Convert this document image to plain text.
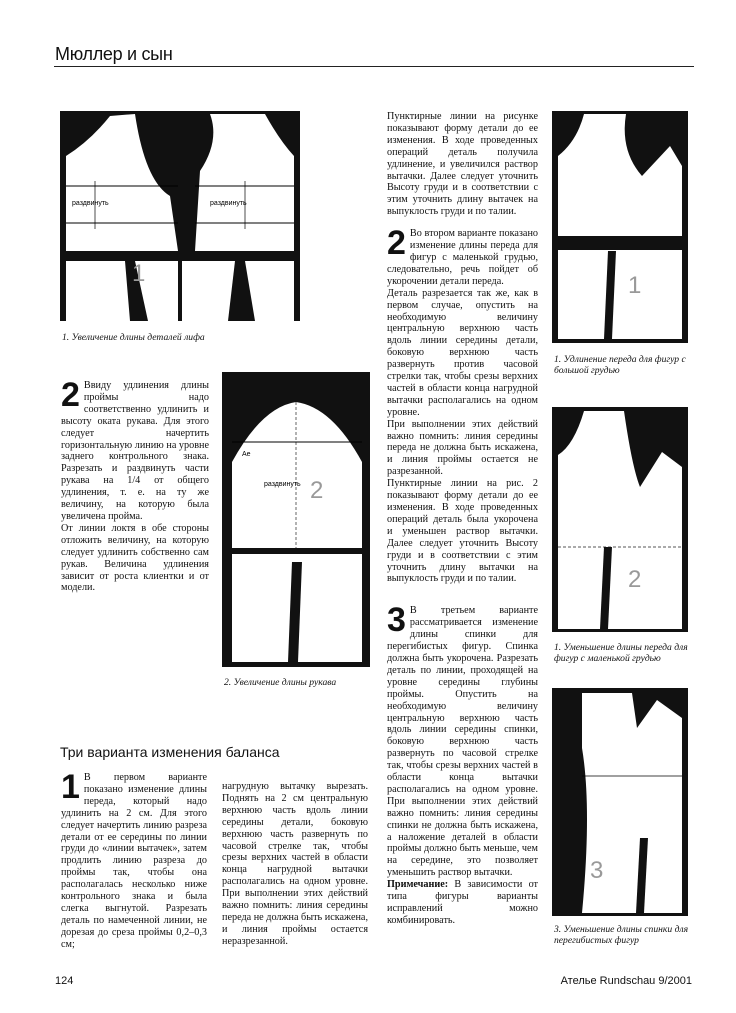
Мюллер и сын
раздвинуть	раздвинуть
1
1. Увеличение длины деталей лифа
Ae
раздвинуть 2
2. Увеличение длины рукава
1
1. Удлинение переда для фигур с большой грудью
2
1. Уменьшение длины переда для фигур с маленькой грудью
3
3. Уменьшение длины спинки для перегибистых фигур

Пунктирные линии на рисунке показывают форму детали до ее изменения. В ходе проведенных операций деталь получила удлинение, и увеличился раствор вытачки. Далее следует уточнить Высоту груди и в соответствии с этим уточнить длину вытачек на выпуклость груди и по талии.

2 Во втором варианте показано изменение длины переда для фигур с маленькой грудью, следовательно, речь пойдет об укорочении детали переда.

Деталь разрезается так же, как в первом случае, опустить на необходимую величину центральную верхнюю часть вдоль линии середины детали, боковую верхнюю часть развернуть против часовой стрелки так, чтобы срезы верхних частей в области конца нагрудной вытачки располагались на одном уровне.

При выполнении этих действий важно помнить: линия середины переда не должна быть искажена, и линия проймы остается не разрезанной.

Пунктирные линии на рис. 2 показывают форму детали до ее изменения. В ходе проведенных операций деталь была укорочена и уменьшен раствор вытачки. Далее следует уточнить Высоту груди и в соответствии с этим уточнить длину вытачки на выпуклость груди и по талии.

3 В третьем варианте рассматривается изменение длины спинки для перегибистых фигур. Спинка должна быть укорочена. Разрезать деталь по линии, проходящей на уровне середины глубины проймы. Опустить на необходимую величину центральную верхнюю часть вдоль линии середины спинки, боковую верхнюю часть развернуть по часовой стрелке так, чтобы срезы верхних частей в области конца вытачки располагались на одном уровне. При выполнении этих действий важно помнить: линия середины спинки не должна быть искажена, а наложение деталей в области проймы должно быть меньше, чем на середине, это позволяет уменьшить раствор вытачки.

Примечание: В зависимости от типа фигуры варианты исправлений можно комбинировать.

2 Ввиду удлинения длины проймы надо соответственно удлинить и высоту оката рукава. Для этого следует начертить горизонтальную линию на уровне заднего контрольного знака. Разрезать и раздвинуть части рукава на 1/4 от общего удлинения, т. е. на ту же величину, на которую была увеличена пройма.

От линии локтя в обе стороны отложить величину, на которую следует удлинить собственно сам рукав. Величина удлинения зависит от роста клиентки и от модели.

Три варианта изменения баланса

1 В первом варианте показано изменение длины переда, который надо удлинить на 2 см. Для этого следует начертить линию разреза детали от ее середины по линии груди до «линии вытачек», затем продлить линию разреза до проймы так, чтобы она располагалась несколько ниже контрольного знака и была слегка выгнутой. Разрезать деталь по намеченной линии, не дорезая до среза проймы 0,2–0,3 см;

нагрудную вытачку вырезать. Поднять на 2 см центральную верхнюю часть вдоль линии середины детали, боковую верхнюю часть развернуть по часовой стрелке так, чтобы срезы верхних частей в области конца нагрудной вытачки располагались на одном уровне. При выполнении этих действий важно помнить: линия середины переда не должна быть искажена, и линия проймы остается неразрезанной.

124	Ателье Rundschau 9/2001
